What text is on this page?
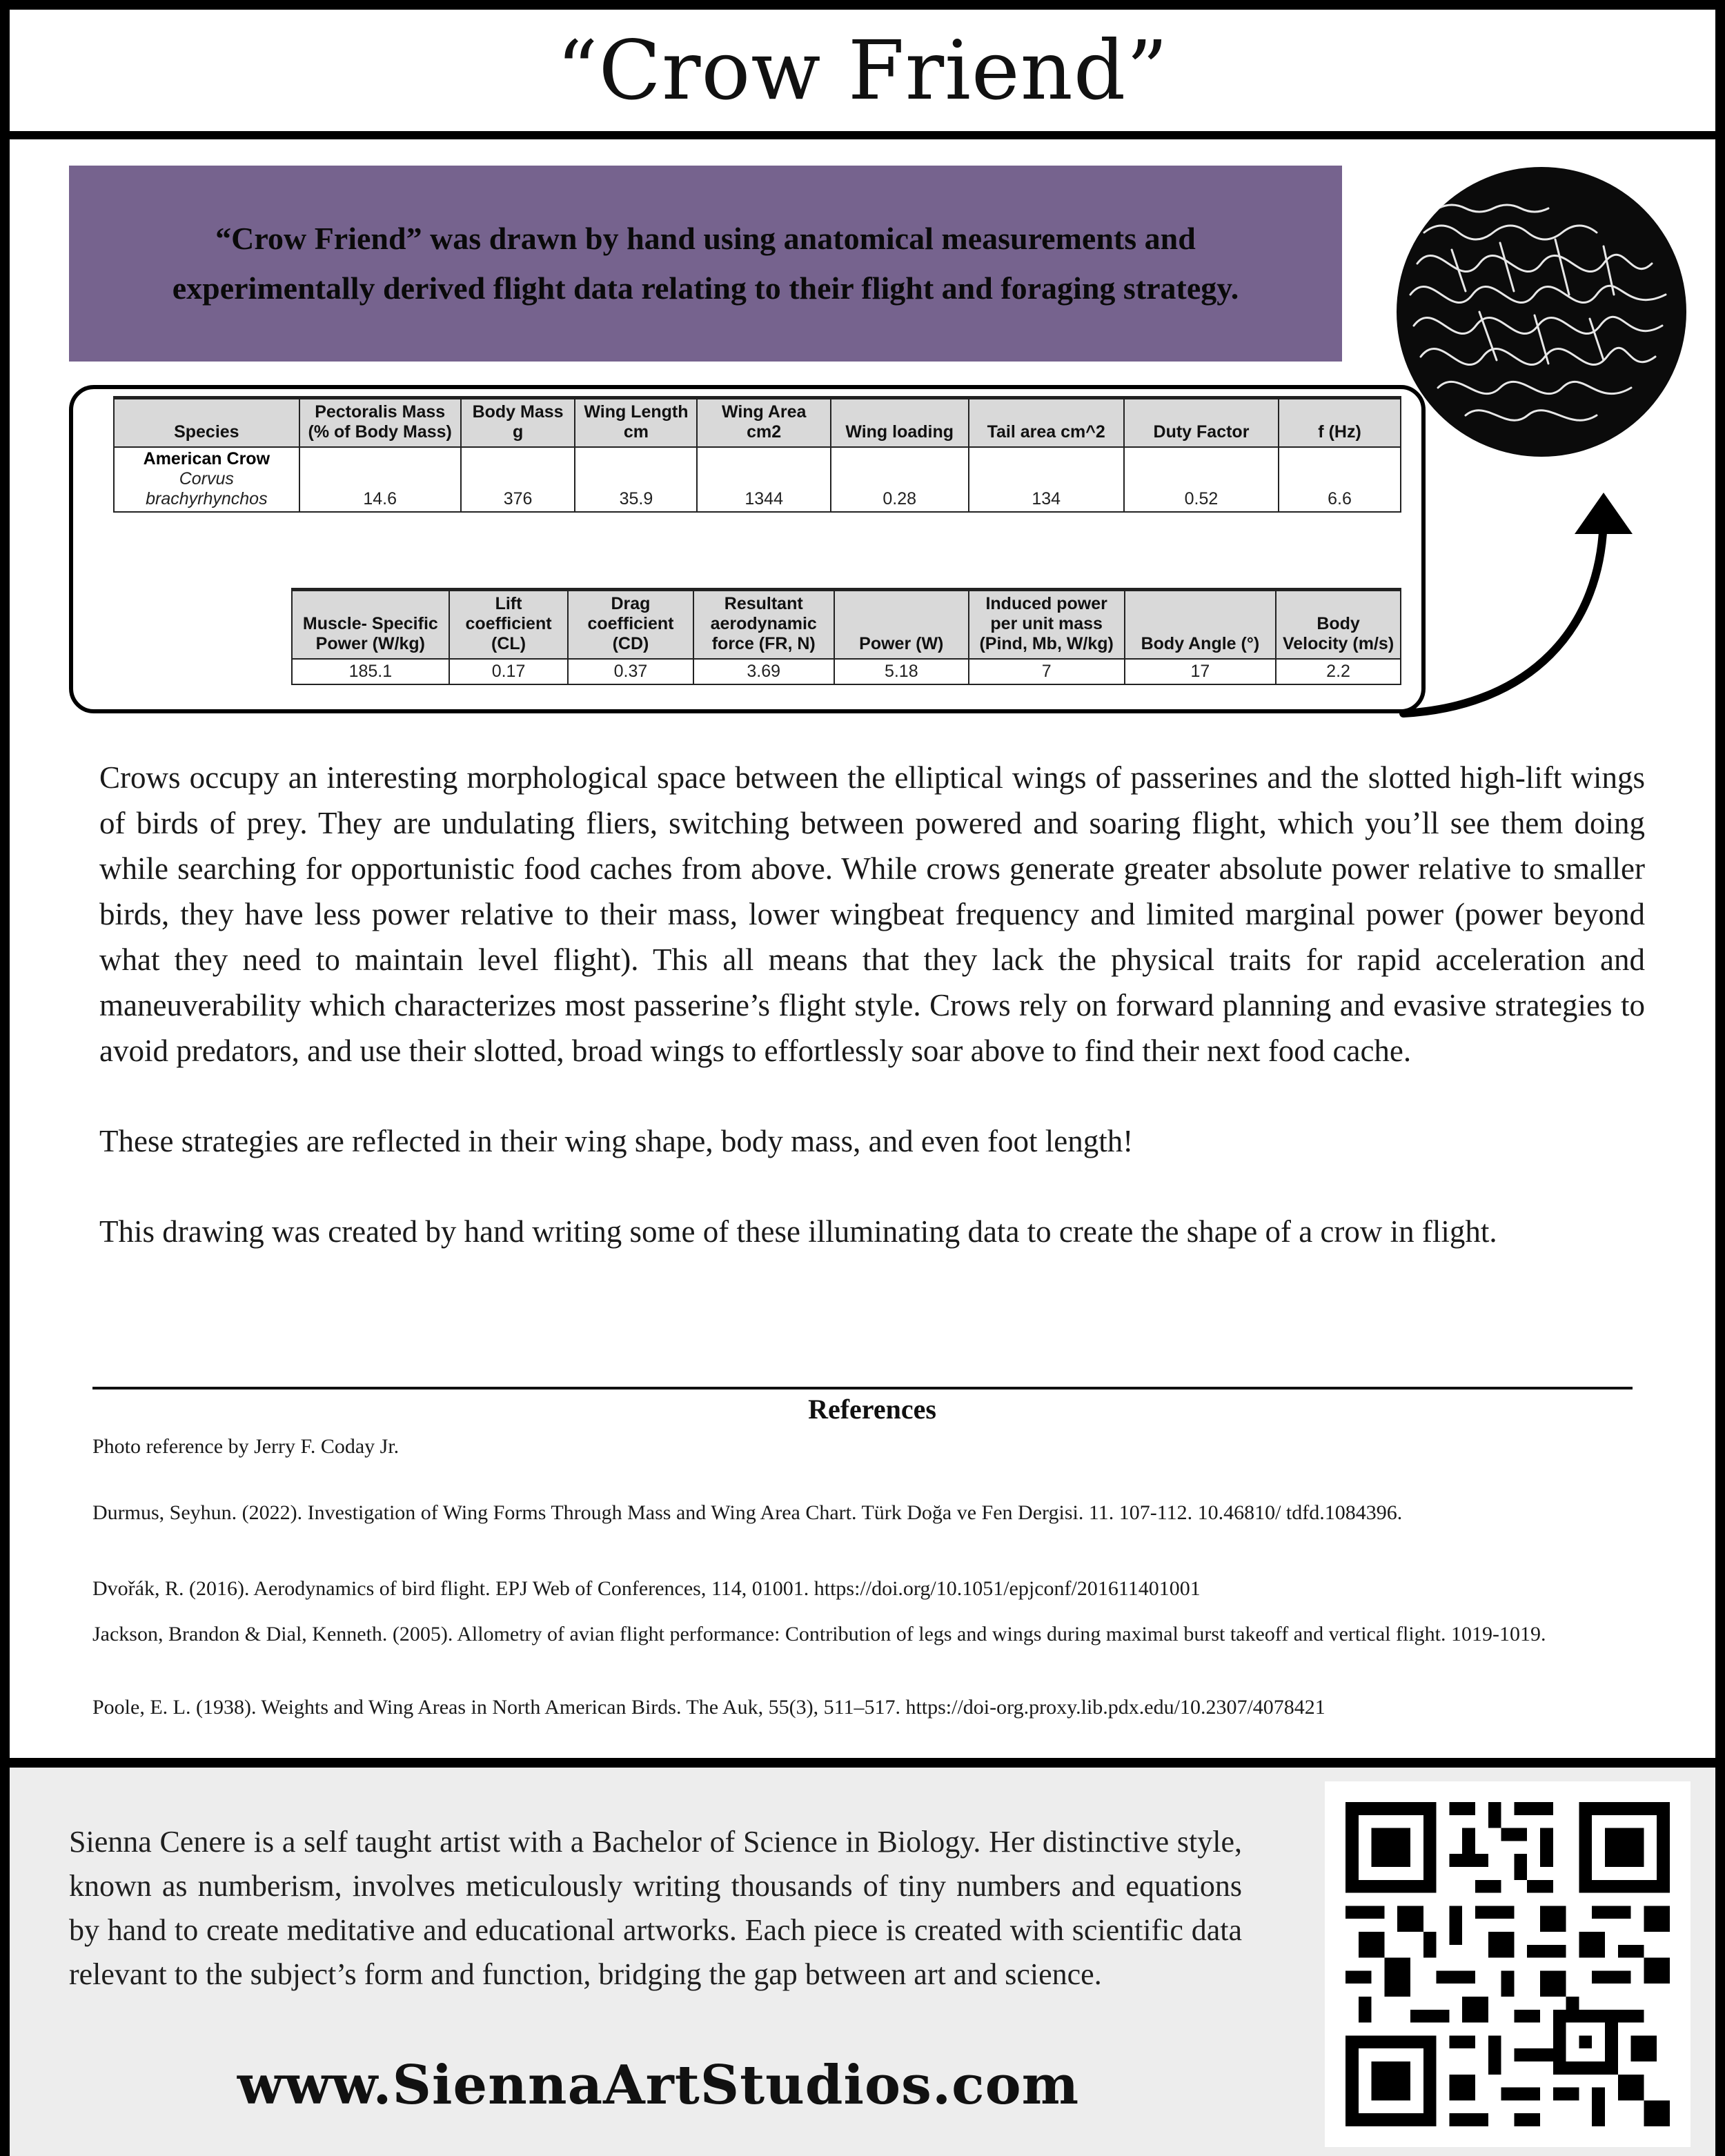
“Crow Friend”

“Crow Friend” was drawn by hand using anatomical measurements and
experimentally derived flight data relating to their flight and foraging strategy.

Species	Pectoralis Mass (% of Body Mass)	Body Mass g	Wing Length cm	Wing Area cm2	Wing loading	Tail area cm^2	Duty Factor	f (Hz)

American Crow
Corvus brachyrhynchos	14.6	376	35.9	1344	0.28	134	0.52	6.6
Muscle- Specific Power (W/kg)	Lift coefficient (CL)	Drag coefficient (CD)	Resultant aerodynamic force (FR, N)	Power (W)	Induced power per unit mass (Pind, Mb, W/kg)	Body Angle (°)	Body Velocity (m/s)
185.1	0.17	0.37	3.69	5.18	7	17	2.2

Crows occupy an interesting morphological space between the elliptical wings of passerines and the slotted high-lift wings of birds of prey. They are undulating fliers, switching between powered and soaring flight, which you’ll see them doing while searching for opportunistic food caches from above. While crows generate greater absolute power relative to smaller birds, they have less power relative to their mass, lower wingbeat frequency and limited marginal power (power beyond what they need to maintain level flight). This all means that they lack the physical traits for rapid acceleration and maneuverability which characterizes most passerine’s flight style. Crows rely on forward planning and evasive strategies to avoid predators, and use their slotted, broad wings to effortlessly soar above to find their next food cache.

These strategies are reflected in their wing shape, body mass, and even foot length!

This drawing was created by hand writing some of these illuminating data to create the shape of a crow in flight.

References
Photo reference by Jerry F. Coday Jr.
Durmus, Seyhun. (2022). Investigation of Wing Forms Through Mass and Wing Area Chart. Türk Doğa ve Fen Dergisi. 11. 107-112. 10.46810/ tdfd.1084396.
Dvořák, R. (2016). Aerodynamics of bird flight. EPJ Web of Conferences, 114, 01001. https://doi.org/10.1051/epjconf/201611401001
Jackson, Brandon & Dial, Kenneth. (2005). Allometry of avian flight performance: Contribution of legs and wings during maximal burst takeoff and vertical flight. 1019-1019.
Poole, E. L. (1938). Weights and Wing Areas in North American Birds. The Auk, 55(3), 511–517. https://doi-org.proxy.lib.pdx.edu/10.2307/4078421
Sienna Cenere is a self taught artist with a Bachelor of Science in Biology. Her distinctive style, known as numberism, involves meticulously writing thousands of tiny numbers and equations by hand to create meditative and educational artworks. Each piece is created with scientific data relevant to the subject’s form and function, bridging the gap between art and science.
www.SiennaArtStudios.com
